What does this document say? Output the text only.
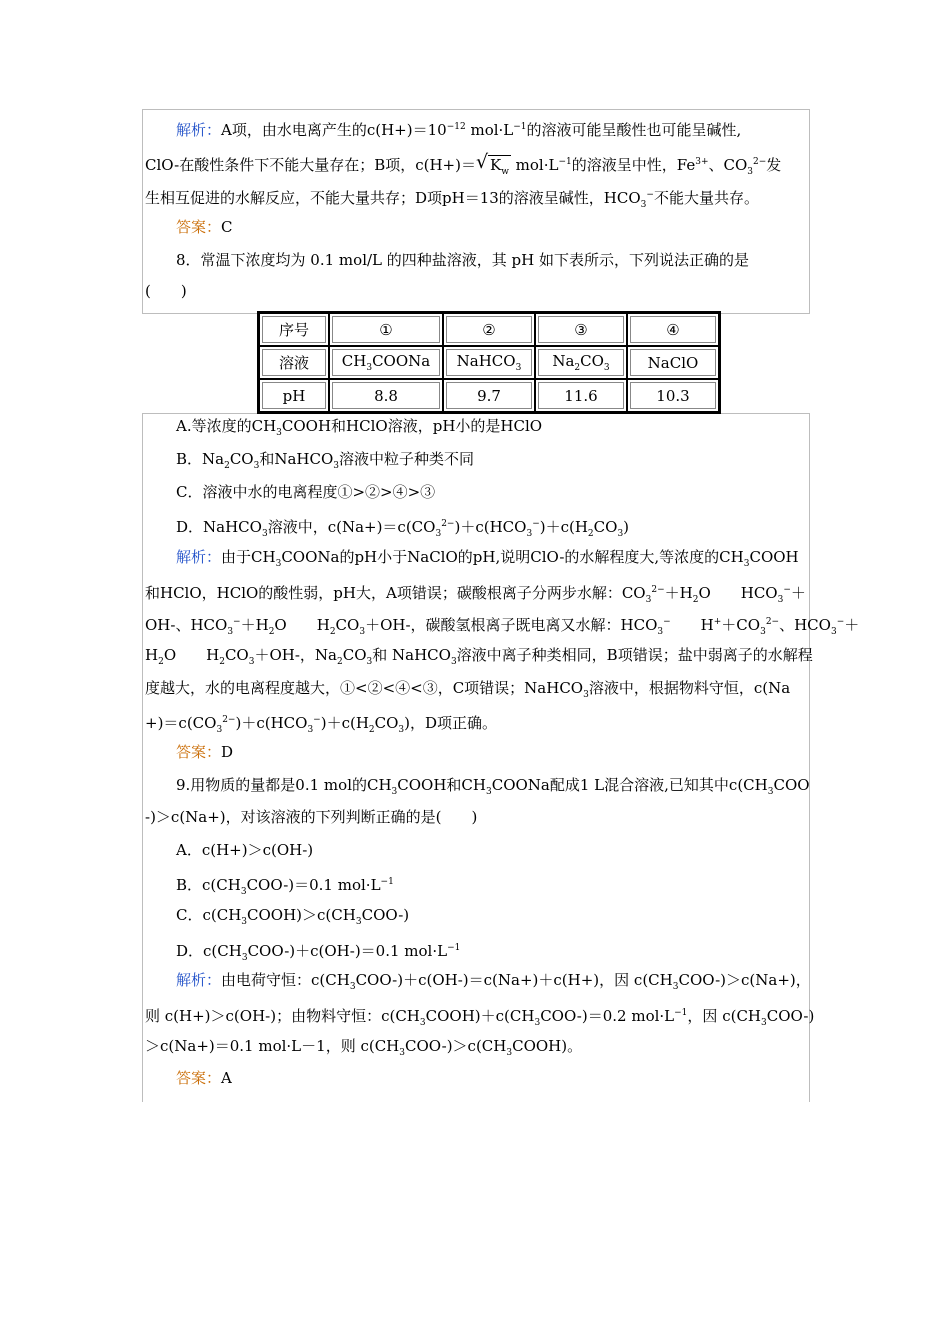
解析：A项，由水电离产生的$c(H+)=10^{-12}$ $mol\cdot L^{-1}$的溶液可能呈酸性也可能呈碱性,
ClO-在酸性条件下不能大量存在；B项，c(H+)＝ √ $K_w$ $mol\cdot L^{-1}$的溶液呈中性，$Fe^{3+}$、$CO_3^{2-}$发
生相互促进的水解反应，不能大量共存；D项pH＝13的溶液呈碱性，$HCO_3^-$不能大量共存。
答案：C
8．常温下浓度均为 0.1 mol/L 的四种盐溶液，其 pH 如下表所示，下列说法正确的是
(　　)
序号	①	②	③	④
溶液	$CH_3COONa$	NaHCO$_3$	$Na_2CO_3$	NaClO
pH	8.8	9.7	11.6	10.3
A.等浓度的$CH_3COOH$和HClO溶液，pH小的是HClO
B．$Na_2CO_3$和NaHCO$_3$溶液中粒子种类不同
C．溶液中水的电离程度①>②>④>③
D．NaHCO$_3$溶液中，$c(Na+)=c(CO_3^{2-})+c(HCO_3^-)+c(H_2CO_3)$
解析：由于$CH_3COONa$的pH小于NaClO的pH,说明ClO-的水解程度大,等浓度的$CH_3COOH$
和HClO，HClO的酸性弱，pH大，A项错误；碳酸根离子分两步水解：$CO_3^{2-}+H_2O$　　$HCO_3^-+$
OH-、$HCO_3^-+H_2O$　　$H_2CO_3+OH-$，碳酸氢根离子既电离又水解：$HCO_3^-$　　$H^++CO_3^{2-}$、$HCO_3^-+$
$H_2O$　　$H_2CO_3+OH-$，$Na_2CO_3$和 NaHCO$_3$溶液中离子种类相同，B项错误；盐中弱离子的水解程
度越大，水的电离程度越大，①<②<④<③，C项错误；NaHCO$_3$溶液中，根据物料守恒，c(Na
$+)=c(CO_3^{2-})+c(HCO_3^-)+c(H_2CO_3)$，D项正确。
答案：D
9.用物质的量都是0.1 mol的$CH_3COOH$和$CH_3COONa$配成1 L混合溶液,已知其中$c(CH_3COO$
-)＞c(Na+)，对该溶液的下列判断正确的是(　　)
A．c(H+)＞c(OH-)
B．$c(CH_3COO-)=0.1$ $mol\cdot L^{-1}$
C．$c(CH_3COOH)>c(CH_3COO-)$
D．$c(CH_3COO-)+c(OH-)=0.1$ $mol\cdot L^{-1}$
解析：由电荷守恒：$c(CH_3COO-)+c(OH-)=c(Na+)+c(H+)$，因 $c(CH_3COO-)>c(Na+)$，
则 c(H+)＞c(OH-)；由物料守恒：$c(CH_3COOH)+c(CH_3COO-)=0.2$ $mol\cdot L^{-1}$，因 $c(CH_3COO-)$
＞c(Na+)＝0.1 mol·L－1，则 $c(CH_3COO-)>c(CH_3COOH)$。
答案：A
